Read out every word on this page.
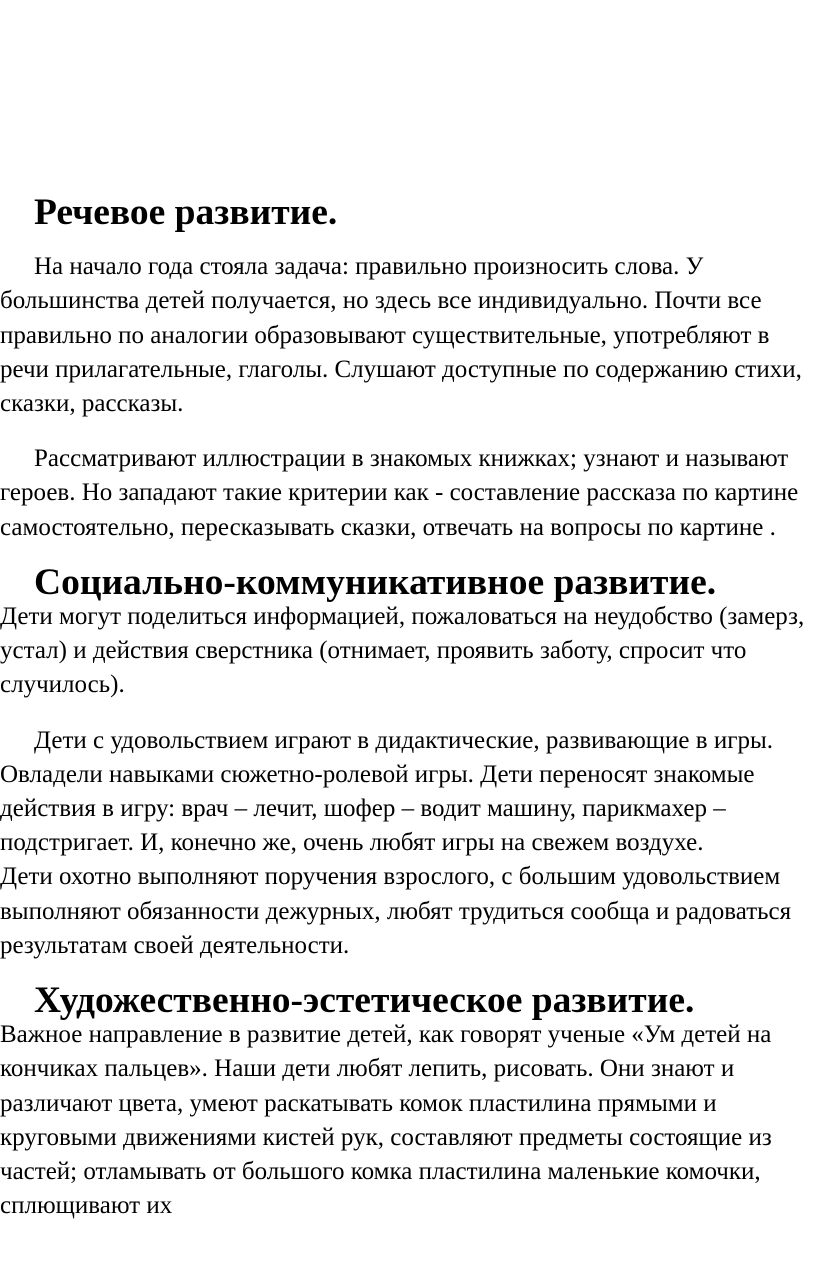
Речевое развитие.

На начало года стояла задача: правильно произносить слова. У большинства детей получается, но здесь все индивидуально. Почти все правильно по аналогии образовывают существительные, употребляют в речи прилагательные, глаголы. Слушают доступные по содержанию стихи, сказки, рассказы.

Рассматривают иллюстрации в знакомых книжках; узнают и называют героев. Но западают такие критерии как - составление рассказа по картине самостоятельно, пересказывать сказки, отвечать на вопросы по картине .

Социально-коммуникативное развитие.

Дети могут поделиться информацией, пожаловаться на неудобство (замерз, устал) и действия сверстника (отнимает, проявить заботу, спросит что случилось).

Дети с удовольствием играют в дидактические, развивающие в игры. Овладели навыками сюжетно-ролевой игры. Дети переносят знакомые действия в игру: врач – лечит, шофер – водит машину, парикмахер – подстригает. И, конечно же, очень любят игры на свежем воздухе.

Дети охотно выполняют поручения взрослого, с большим удовольствием выполняют обязанности дежурных, любят трудиться сообща и радоваться результатам своей деятельности.

Художественно-эстетическое развитие.

Важное направление в развитие детей, как говорят ученые «Ум детей на кончиках пальцев». Наши дети любят лепить, рисовать. Они знают и различают цвета, умеют раскатывать комок пластилина прямыми и круговыми движениями кистей рук, составляют предметы состоящие из частей; отламывать от большого комка пластилина маленькие комочки, сплющивают их
